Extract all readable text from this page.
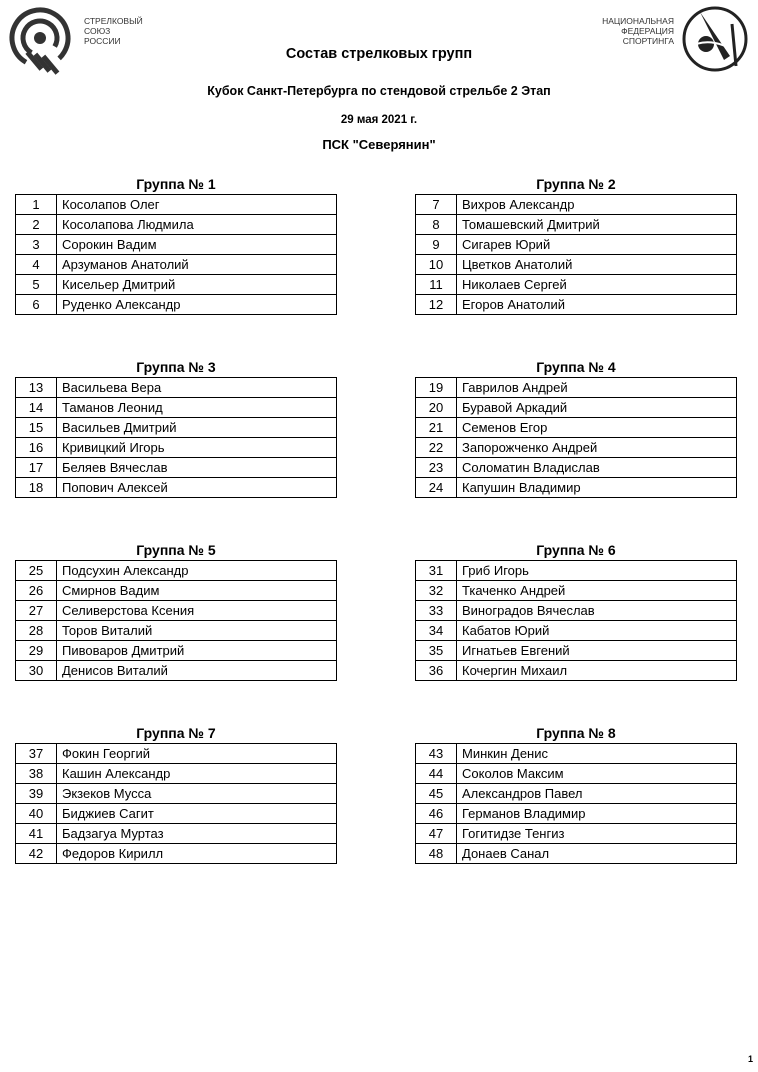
СТРЕЛКОВЫЙ
СОЮЗ
РОССИИ
НАЦИОНАЛЬНАЯ
ФЕДЕРАЦИЯ
СПОРТИНГА
Состав стрелковых групп
Кубок Санкт-Петербурга по стендовой стрельбе 2 Этап
29 мая 2021 г.
ПСК "Северянин"
Группа № 1
1	Косолапов Олег
2	Косолапова Людмила
3	Сорокин Вадим
4	Арзуманов Анатолий
5	Кисельер Дмитрий
6	Руденко Александр
Группа № 2
7	Вихров Александр
8	Томашевский Дмитрий
9	Сигарев Юрий
10	Цветков Анатолий
11	Николаев Сергей
12	Егоров Анатолий
Группа № 3
13	Васильева Вера
14	Таманов Леонид
15	Васильев Дмитрий
16	Кривицкий Игорь
17	Беляев Вячеслав
18	Попович Алексей
Группа № 4
19	Гаврилов Андрей
20	Буравой Аркадий
21	Семенов Егор
22	Запорожченко Андрей
23	Соломатин Владислав
24	Капушин Владимир
Группа № 5
25	Подсухин Александр
26	Смирнов Вадим
27	Селиверстова Ксения
28	Торов Виталий
29	Пивоваров Дмитрий
30	Денисов Виталий
Группа № 6
31	Гриб Игорь
32	Ткаченко Андрей
33	Виноградов Вячеслав
34	Кабатов Юрий
35	Игнатьев Евгений
36	Кочергин Михаил
Группа № 7
37	Фокин Георгий
38	Кашин Александр
39	Экзеков Мусса
40	Биджиев Сагит
41	Бадзагуа Муртаз
42	Федоров Кирилл
Группа № 8
43	Минкин Денис
44	Соколов Максим
45	Александров Павел
46	Германов Владимир
47	Гогитидзе Тенгиз
48	Донаев Санал
1
